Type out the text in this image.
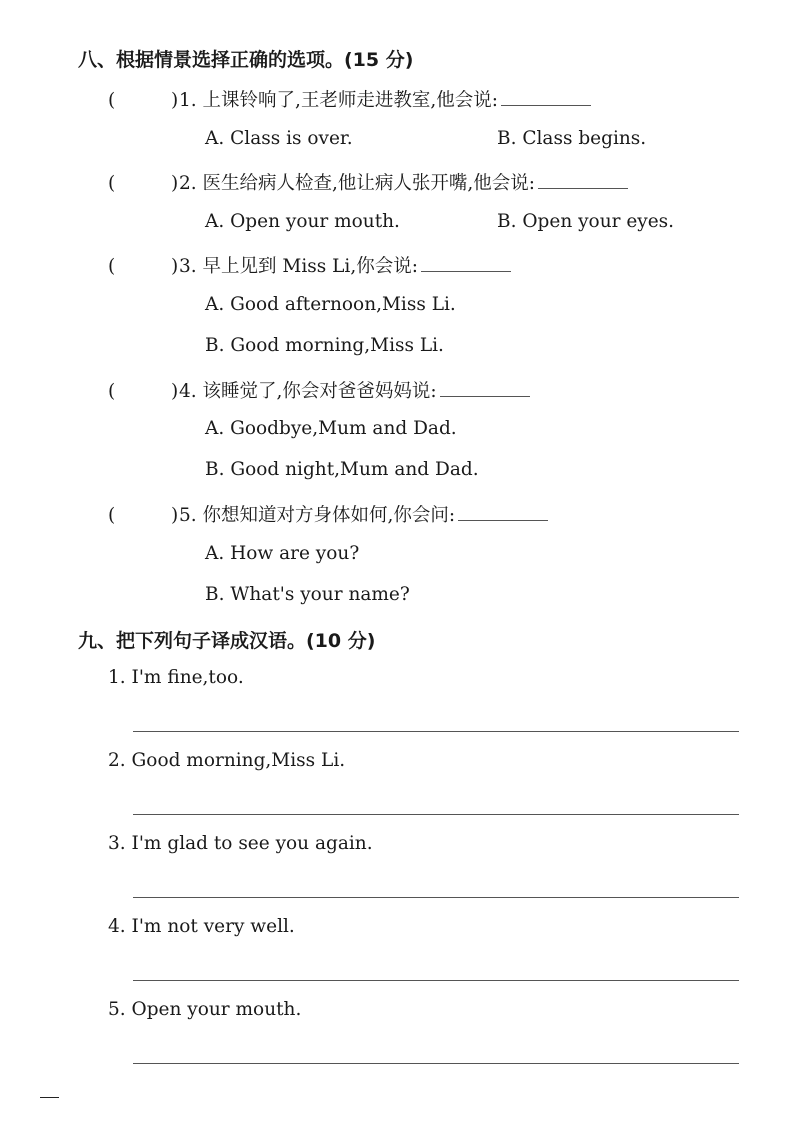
八、根据情景选择正确的选项。(15 分)
(	)1. 上课铃响了,王老师走进教室,他会说:
A. Class is over.	B. Class begins.
(	)2. 医生给病人检查,他让病人张开嘴,他会说:
A. Open your mouth.	B. Open your eyes.
(	)3. 早上见到 Miss Li,你会说:
A. Good afternoon,Miss Li.
B. Good morning,Miss Li.
(	)4. 该睡觉了,你会对爸爸妈妈说:
A. Goodbye,Mum and Dad.
B. Good night,Mum and Dad.
(	)5. 你想知道对方身体如何,你会问:
A. How are you?
B. What's your name?
九、把下列句子译成汉语。(10 分)
1. I'm fine,too.
2. Good morning,Miss Li.
3. I'm glad to see you again.
4. I'm not very well.
5. Open your mouth.
